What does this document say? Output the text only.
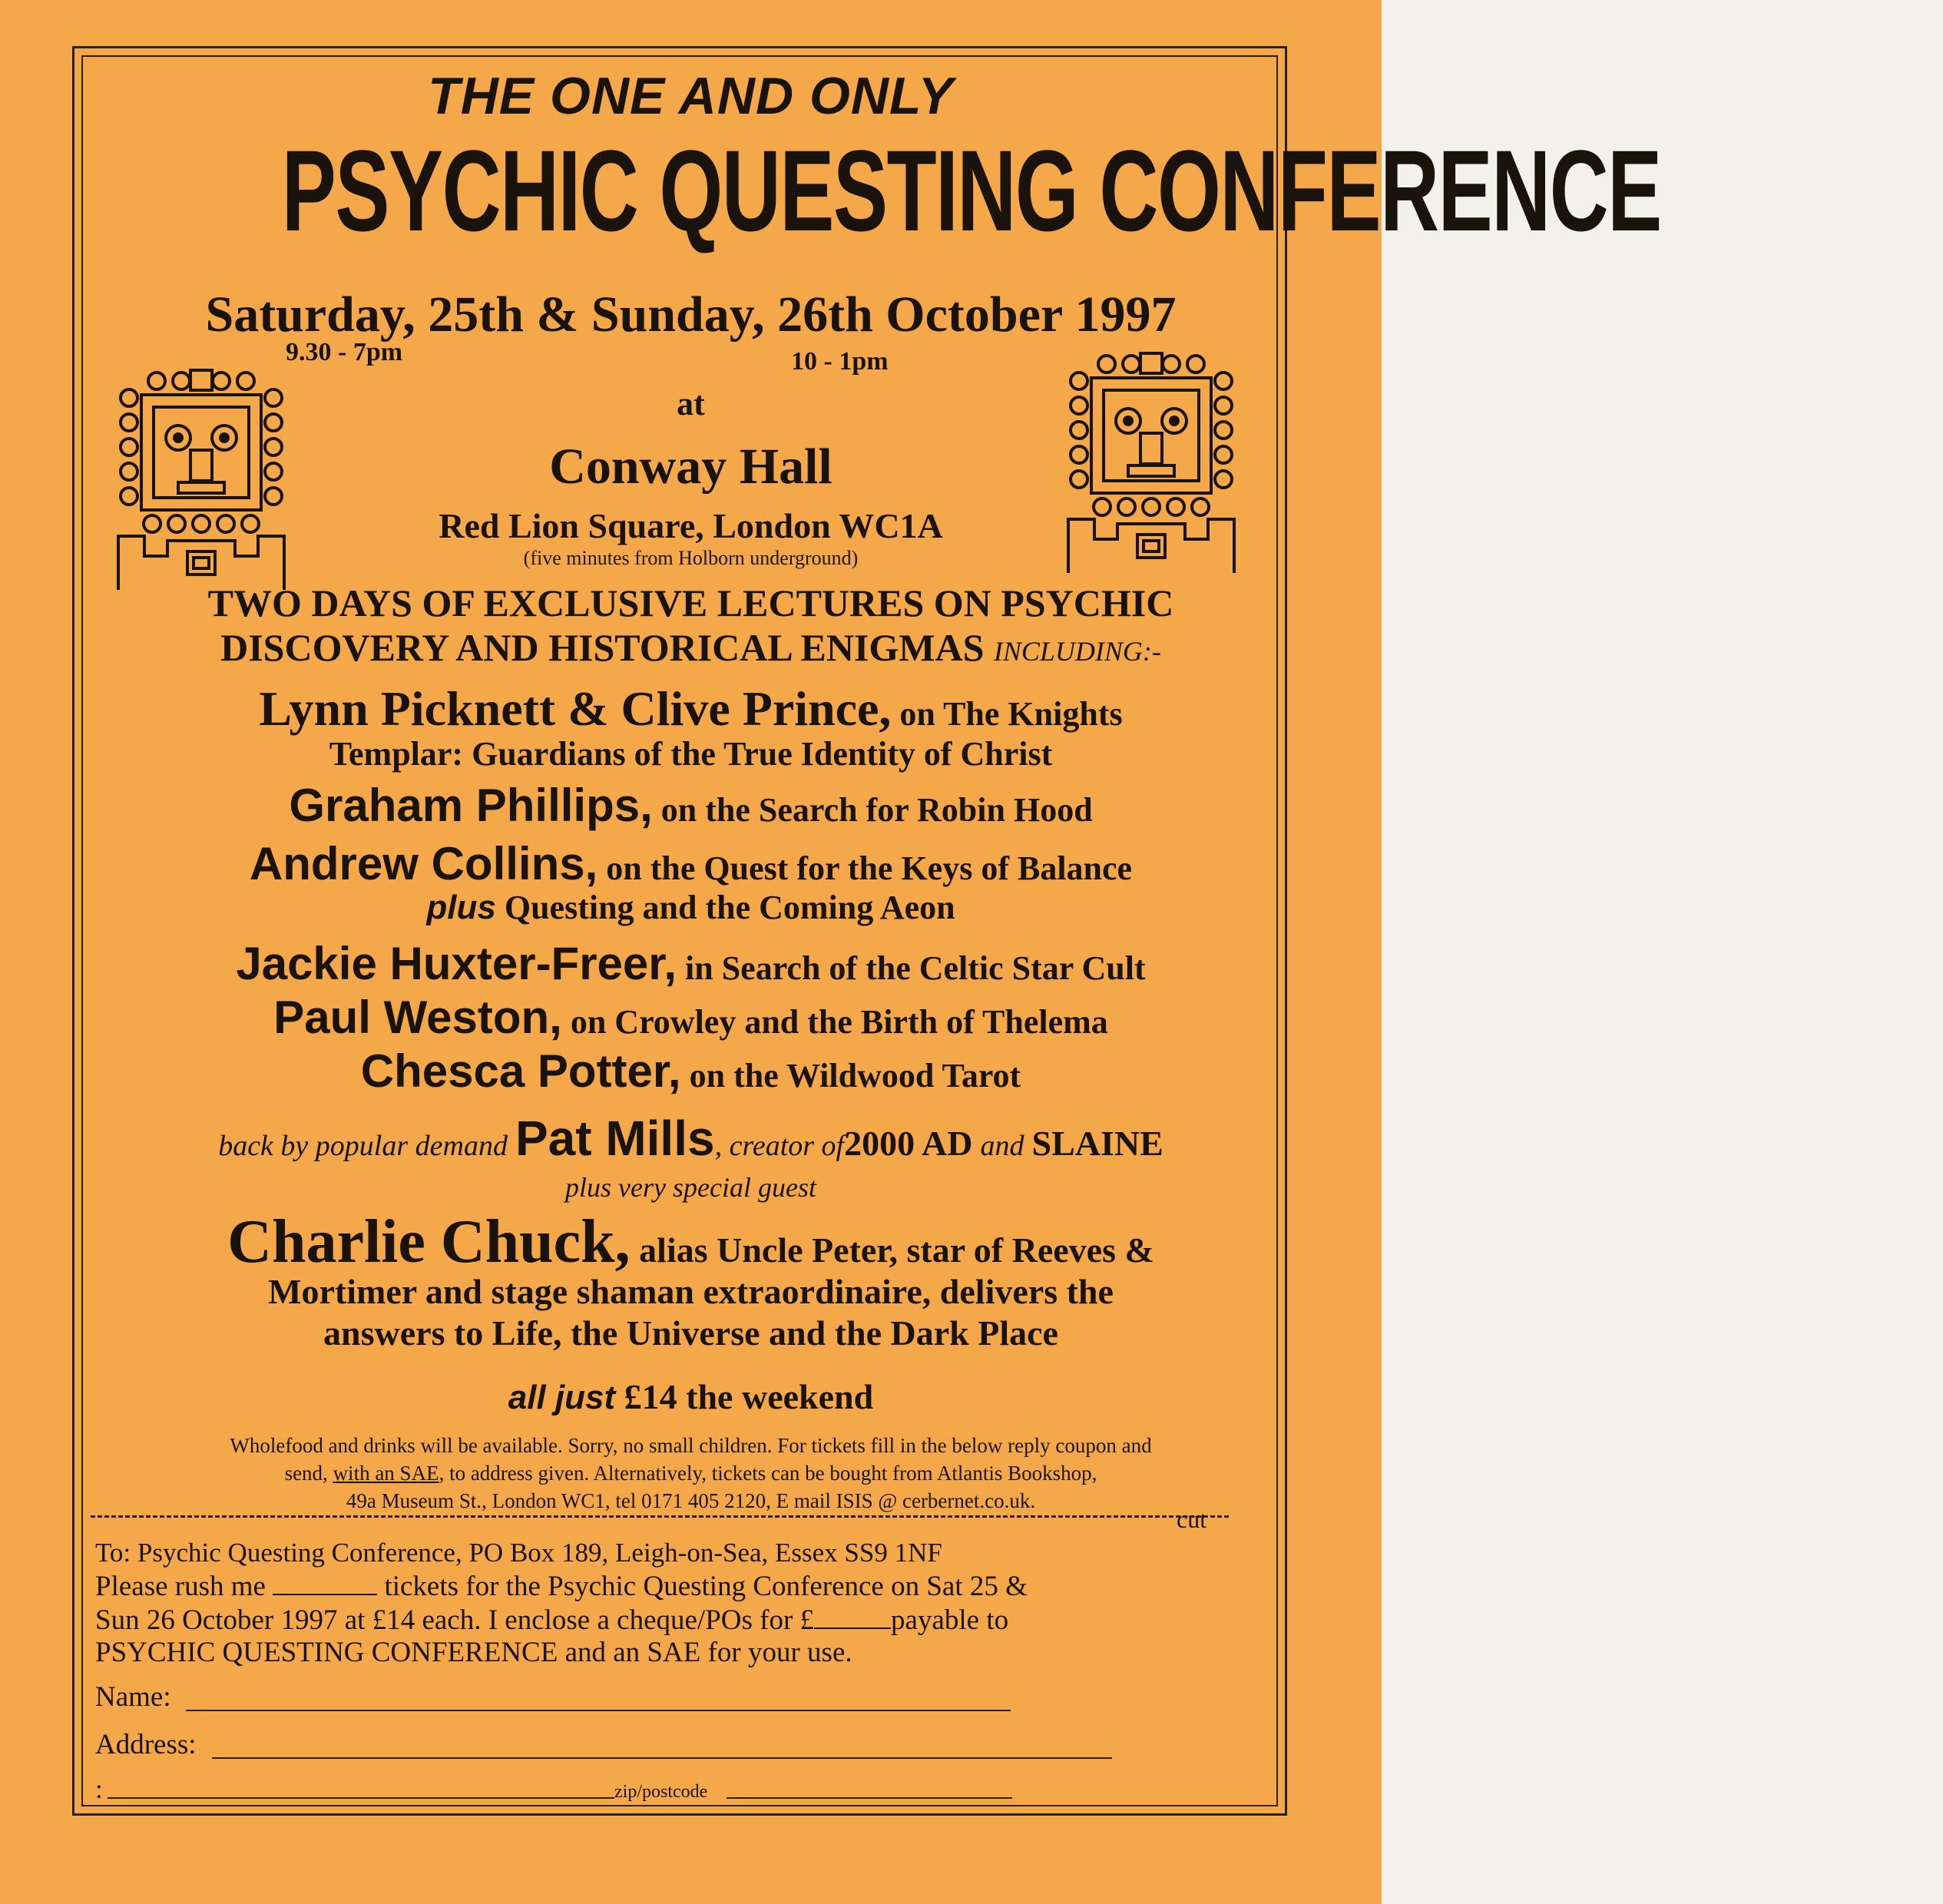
THE ONE AND ONLY
PSYCHIC QUESTING CONFERENCE
Saturday, 25th & Sunday, 26th October 1997
9.30 - 7pm	10 - 1pm
at
Conway Hall
Red Lion Square, London WC1A
(five minutes from Holborn underground)
TWO DAYS OF EXCLUSIVE LECTURES ON PSYCHIC
DISCOVERY AND HISTORICAL ENIGMAS INCLUDING:-
Lynn Picknett & Clive Prince, on The Knights
Templar: Guardians of the True Identity of Christ
Graham Phillips, on the Search for Robin Hood
Andrew Collins, on the Quest for the Keys of Balance
plus Questing and the Coming Aeon
Jackie Huxter-Freer, in Search of the Celtic Star Cult
Paul Weston, on Crowley and the Birth of Thelema
Chesca Potter, on the Wildwood Tarot
back by popular demand Pat Mills, creator of2000 AD and SLAINE
plus very special guest
Charlie Chuck, alias Uncle Peter, star of Reeves &
Mortimer and stage shaman extraordinaire, delivers the
answers to Life, the Universe and the Dark Place
all just £14 the weekend
Wholefood and drinks will be available. Sorry, no small children. For tickets fill in the below reply coupon and
send, with an SAE, to address given. Alternatively, tickets can be bought from Atlantis Bookshop,
49a Museum St., London WC1, tel 0171 405 2120, E mail ISIS @ cerbernet.co.uk.
cut
To: Psychic Questing Conference, PO Box 189, Leigh-on-Sea, Essex SS9 1NF
Please rush me	tickets for the Psychic Questing Conference on Sat 25 &
Sun 26 October 1997 at £14 each. I enclose a cheque/POs for £	payable to
PSYCHIC QUESTING CONFERENCE and an SAE for your use.
Name:
Address:
:	zip/postcode
